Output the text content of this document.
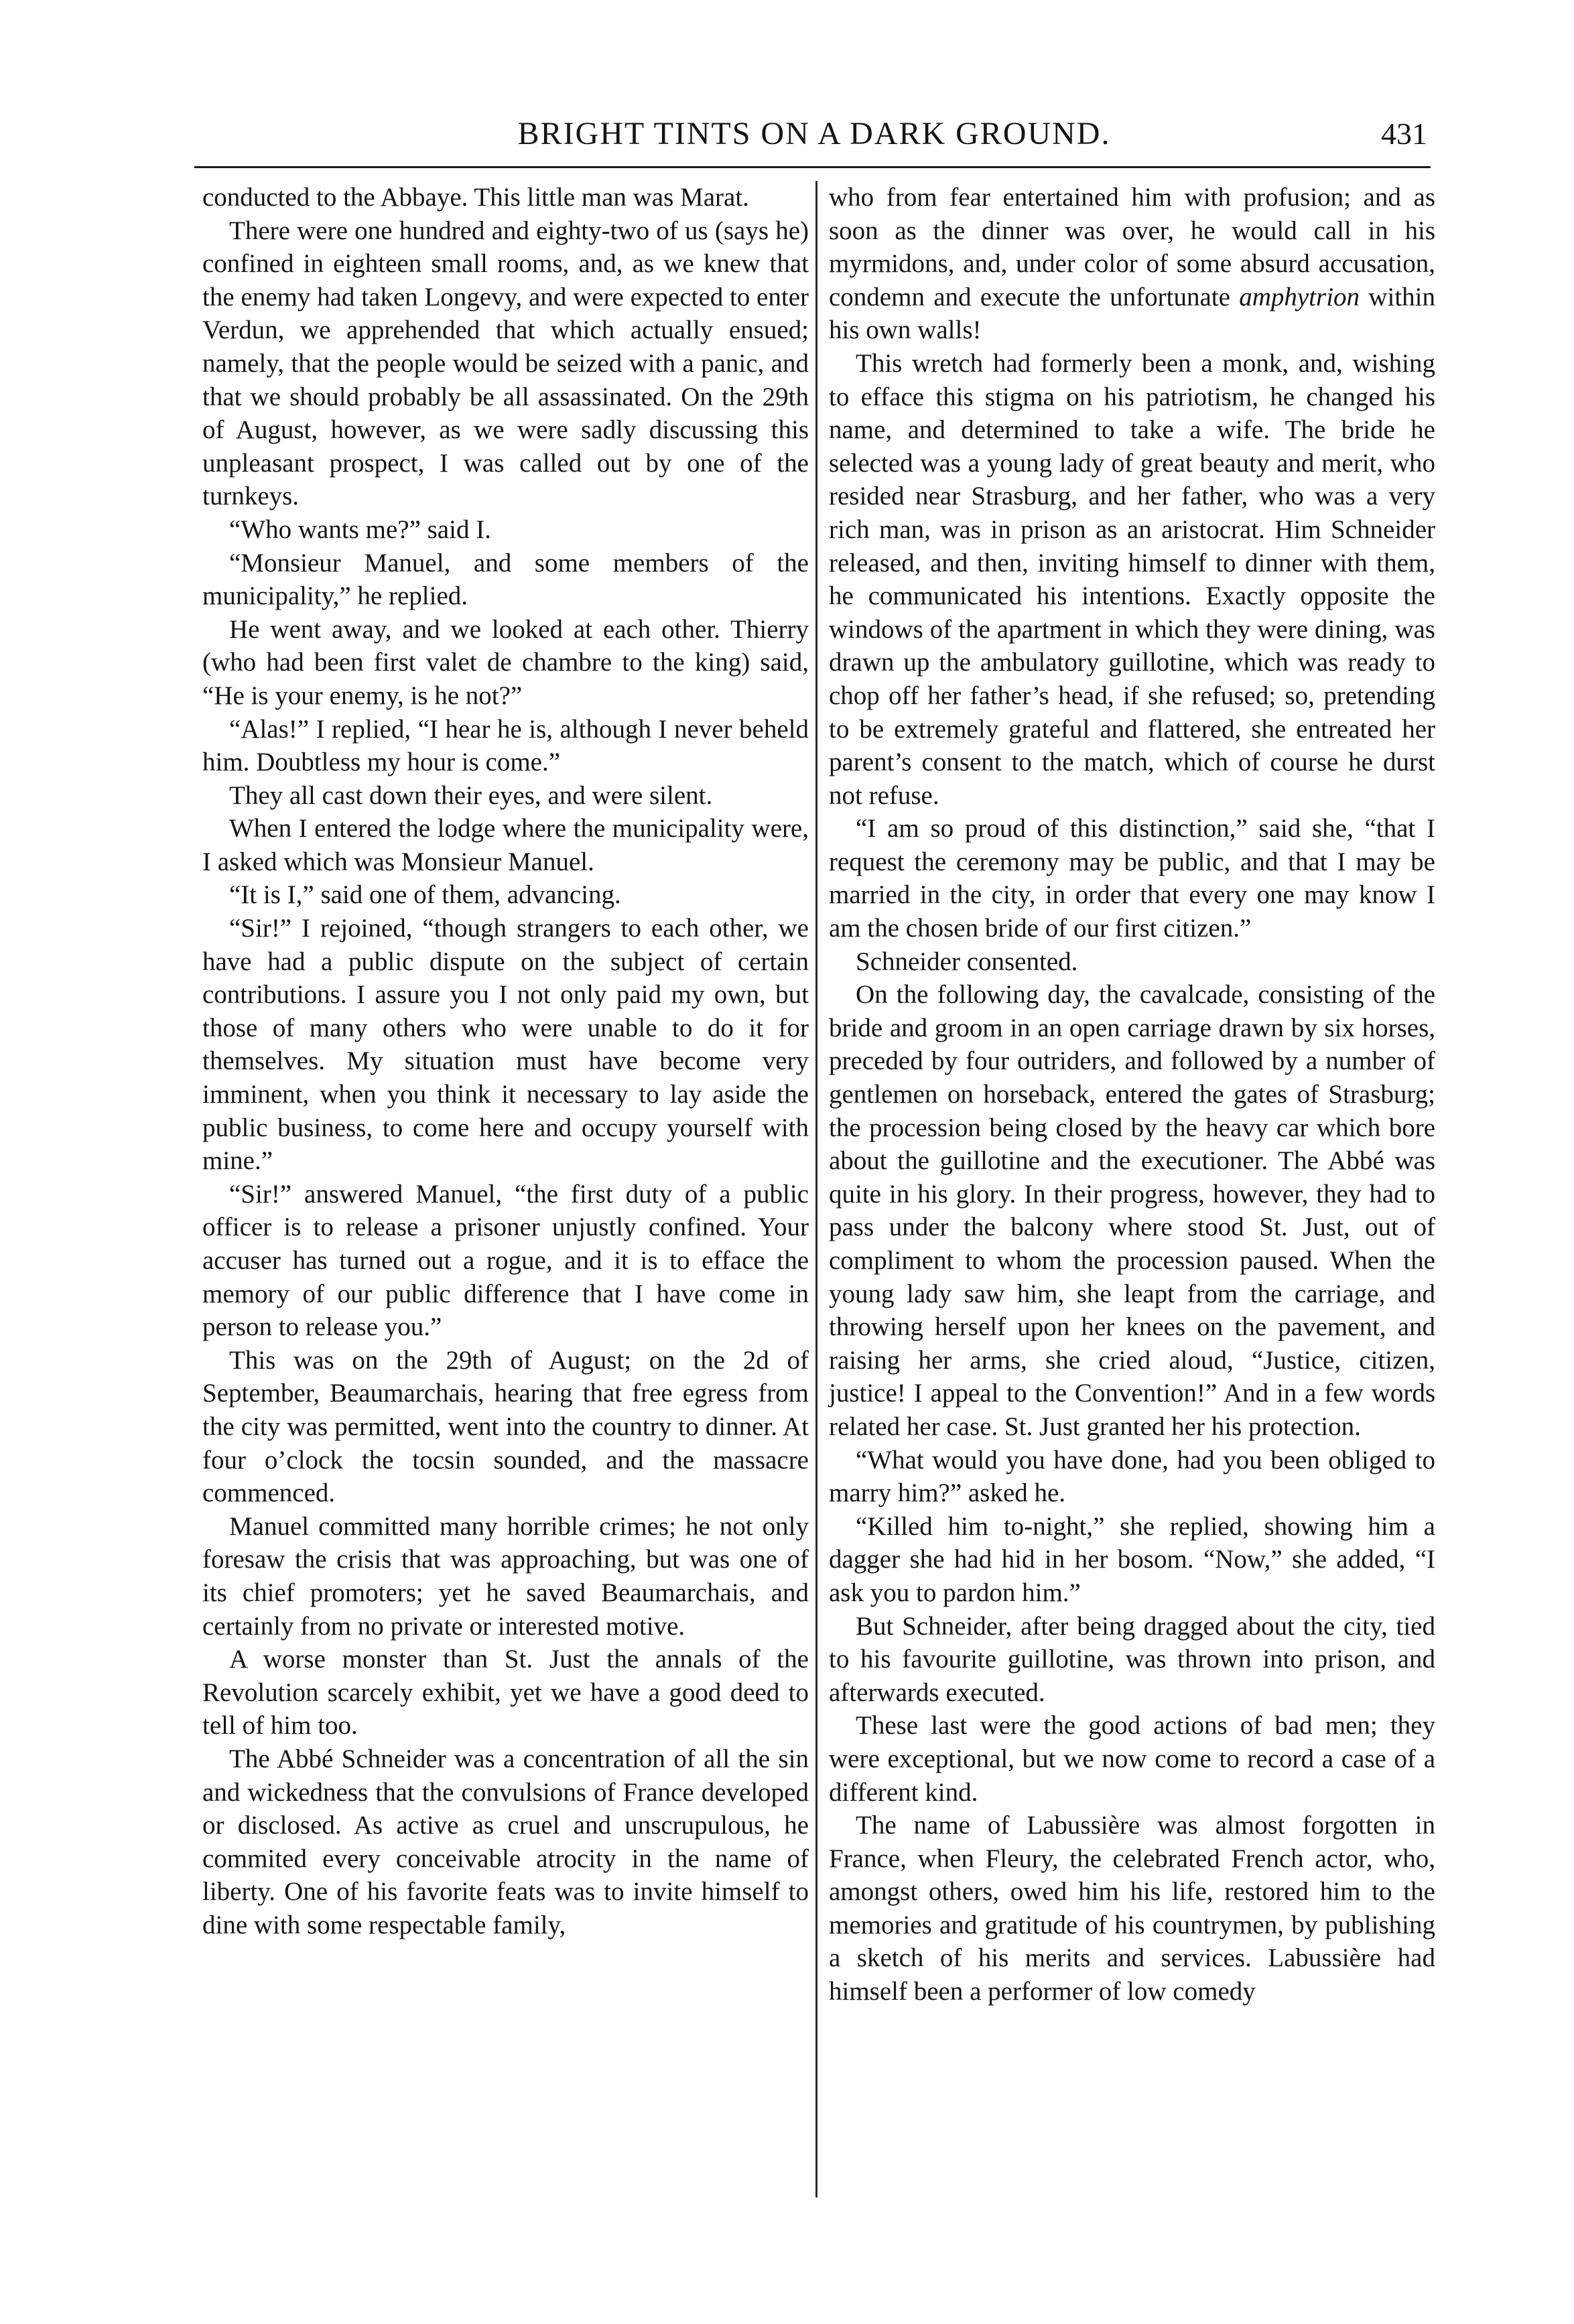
BRIGHT TINTS ON A DARK GROUND.	431

conducted to the Abbaye. This little man was Marat.

There were one hundred and eighty-two of us (says he) confined in eighteen small rooms, and, as we knew that the enemy had taken Longevy, and were expected to enter Verdun, we apprehended that which actually ensued; namely, that the people would be seized with a panic, and that we should probably be all assassinated. On the 29th of August, however, as we were sadly discussing this unpleasant prospect, I was called out by one of the turnkeys.

“Who wants me?” said I.

“Monsieur Manuel, and some members of the municipality,” he replied.

He went away, and we looked at each other. Thierry (who had been first valet de chambre to the king) said, “He is your enemy, is he not?”

“Alas!” I replied, “I hear he is, although I never beheld him. Doubtless my hour is come.”

They all cast down their eyes, and were silent.

When I entered the lodge where the municipality were, I asked which was Monsieur Manuel.

“It is I,” said one of them, advancing.

“Sir!” I rejoined, “though strangers to each other, we have had a public dispute on the subject of certain contributions. I assure you I not only paid my own, but those of many others who were unable to do it for themselves. My situation must have become very imminent, when you think it necessary to lay aside the public business, to come here and occupy yourself with mine.”

“Sir!” answered Manuel, “the first duty of a public officer is to release a prisoner unjustly confined. Your accuser has turned out a rogue, and it is to efface the memory of our public difference that I have come in person to release you.”

This was on the 29th of August; on the 2d of September, Beaumarchais, hearing that free egress from the city was permitted, went into the country to dinner. At four o’clock the tocsin sounded, and the massacre commenced.

Manuel committed many horrible crimes; he not only foresaw the crisis that was approaching, but was one of its chief promoters; yet he saved Beaumarchais, and certainly from no private or interested motive.

A worse monster than St. Just the annals of the Revolution scarcely exhibit, yet we have a good deed to tell of him too.

The Abbé Schneider was a concentration of all the sin and wickedness that the convulsions of France developed or disclosed. As active as cruel and unscrupulous, he commited every conceivable atrocity in the name of liberty. One of his favorite feats was to invite himself to dine with some respectable family,

who from fear entertained him with profusion; and as soon as the dinner was over, he would call in his myrmidons, and, under color of some absurd accusation, condemn and execute the unfortunate amphytrion within his own walls!

This wretch had formerly been a monk, and, wishing to efface this stigma on his patriotism, he changed his name, and determined to take a wife. The bride he selected was a young lady of great beauty and merit, who resided near Strasburg, and her father, who was a very rich man, was in prison as an aristocrat. Him Schneider released, and then, inviting himself to dinner with them, he communicated his intentions. Exactly opposite the windows of the apartment in which they were dining, was drawn up the ambulatory guillotine, which was ready to chop off her father’s head, if she refused; so, pretending to be extremely grateful and flattered, she entreated her parent’s consent to the match, which of course he durst not refuse.

“I am so proud of this distinction,” said she, “that I request the ceremony may be public, and that I may be married in the city, in order that every one may know I am the chosen bride of our first citizen.”

Schneider consented.

On the following day, the cavalcade, consisting of the bride and groom in an open carriage drawn by six horses, preceded by four outriders, and followed by a number of gentlemen on horseback, entered the gates of Strasburg; the procession being closed by the heavy car which bore about the guillotine and the executioner. The Abbé was quite in his glory. In their progress, however, they had to pass under the balcony where stood St. Just, out of compliment to whom the procession paused. When the young lady saw him, she leapt from the carriage, and throwing herself upon her knees on the pavement, and raising her arms, she cried aloud, “Justice, citizen, justice! I appeal to the Convention!” And in a few words related her case. St. Just granted her his protection.

“What would you have done, had you been obliged to marry him?” asked he.

“Killed him to-night,” she replied, showing him a dagger she had hid in her bosom. “Now,” she added, “I ask you to pardon him.”

But Schneider, after being dragged about the city, tied to his favourite guillotine, was thrown into prison, and afterwards executed.

These last were the good actions of bad men; they were exceptional, but we now come to record a case of a different kind.

The name of Labussière was almost forgotten in France, when Fleury, the celebrated French actor, who, amongst others, owed him his life, restored him to the memories and gratitude of his countrymen, by publishing a sketch of his merits and services. Labussière had himself been a performer of low comedy
